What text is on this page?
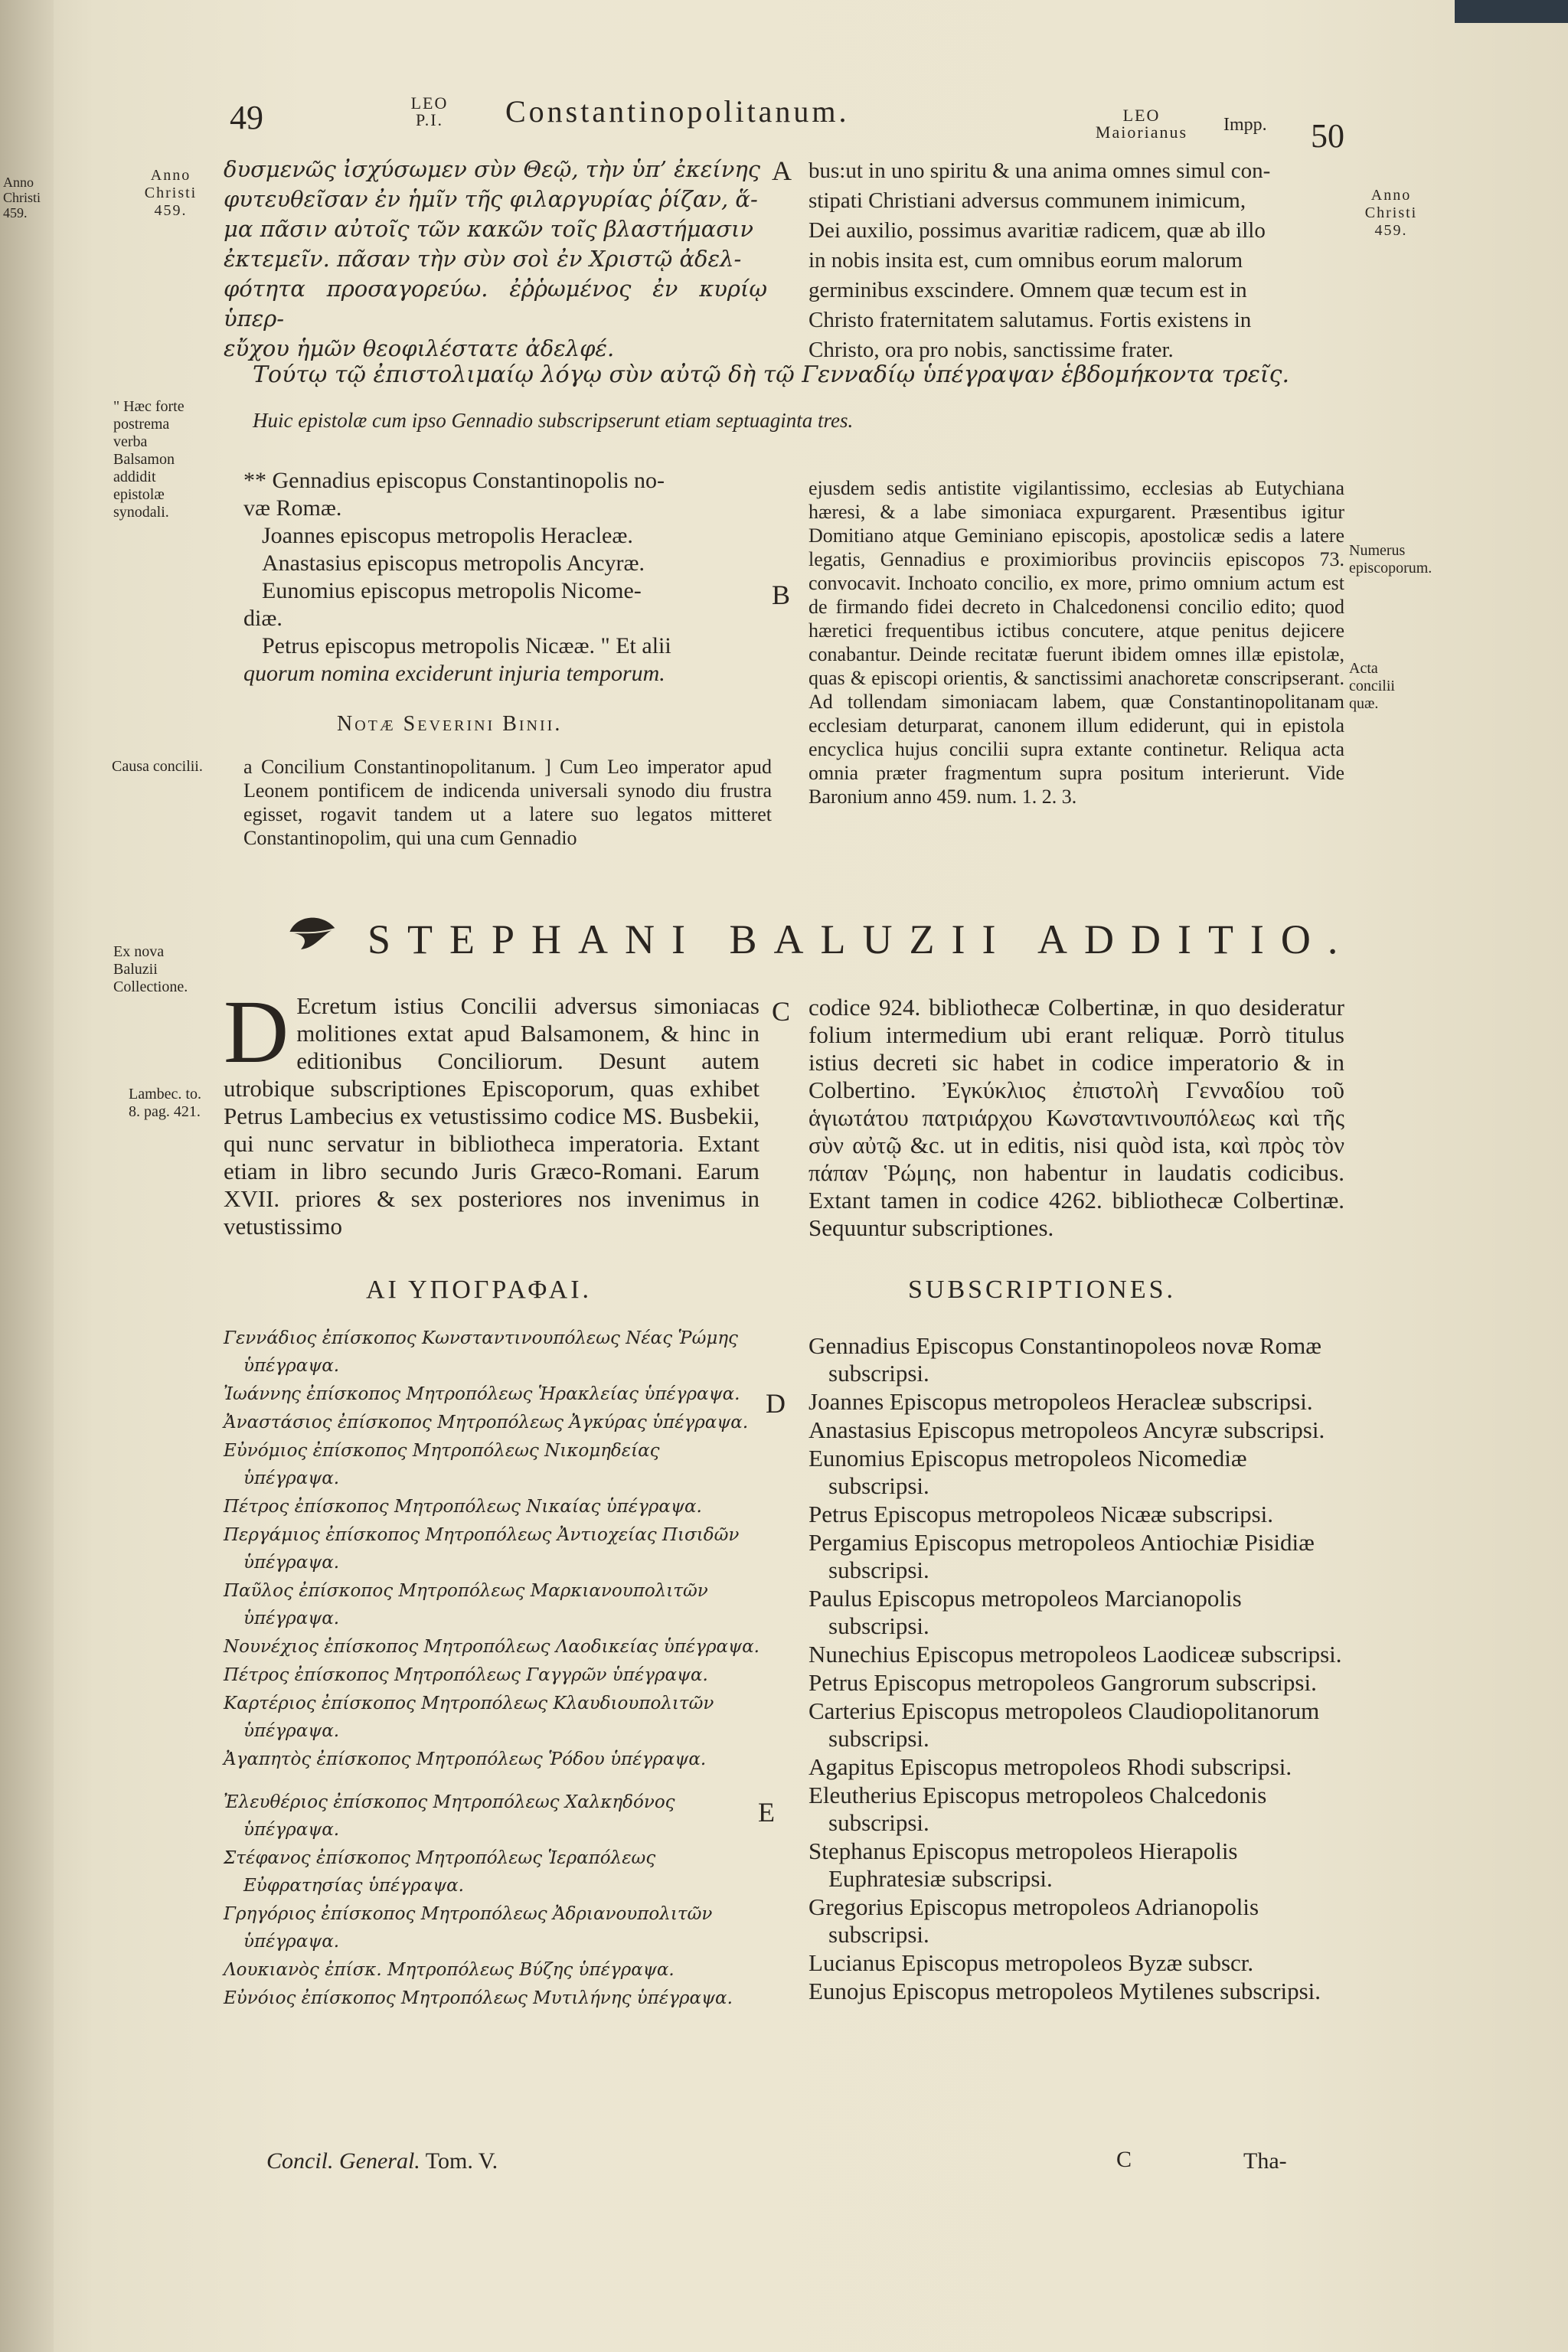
49	LEO
P.I. Constantinopolitanum.	LEO
Maiorianus	Impp. 50
Anno
Christi
459.
Anno
Christi
459.
" Hæc forte postrema verba Balsamon addidit epistolæ synodali.
Causa concilii.
Ex nova Baluzii Collectione.
Lambec. to. 8. pag. 421.
Anno
Christi
459.
Numerus episcoporum.
Acta concilii quæ.
δυσμενῶς ἰσχύσωμεν σὺν Θεῷ, τὴν ὑπ’ ἐκείνης
φυτευθεῖσαν ἐν ἡμῖν τῆς φιλαργυρίας ῥίζαν, ἅ-
μα πᾶσιν αὐτοῖς τῶν κακῶν τοῖς βλαστήμασιν
ἐκτεμεῖν. πᾶσαν τὴν σὺν σοὶ ἐν Χριστῷ ἀδελ-
φότητα προσαγορεύω. ἐῤῥωμένος ἐν κυρίῳ ὑπερ-
εὔχου ἡμῶν θεοφιλέστατε ἀδελφέ.
A bus:ut in uno spiritu & una anima omnes simul con-
stipati Christiani adversus communem inimicum,
Dei auxilio, possimus avaritiæ radicem, quæ ab illo
in nobis insita est, cum omnibus eorum malorum
germinibus exscindere. Omnem quæ tecum est in
Christo fraternitatem salutamus. Fortis existens in
Christo, ora pro nobis, sanctissime frater.
Τούτῳ τῷ ἐπιστολιμαίῳ λόγῳ σὺν αὐτῷ δὴ τῷ Γενναδίῳ ὑπέγραψαν ἑβδομήκοντα τρεῖς.
Huic epistolæ cum ipso Gennadio subscripserunt etiam septuaginta tres.
** Gennadius episcopus Constantinopolis no-
væ Romæ.
Joannes episcopus metropolis Heracleæ.
Anastasius episcopus metropolis Ancyræ.
Eunomius episcopus metropolis Nicome-
diæ.
Petrus episcopus metropolis Nicææ. " Et alii
quorum nomina exciderunt injuria temporum.
B
Notæ Severini Binii.
a Concilium Constantinopolitanum. ] Cum Leo imperator apud Leonem pontificem de indicenda universali synodo diu frustra egisset, rogavit tandem ut a latere suo legatos mitteret Constantinopolim, qui una cum Gennadio
ejusdem sedis antistite vigilantissimo, ecclesias ab Eutychiana hæresi, & a labe simoniaca expurgarent. Præsentibus igitur Domitiano atque Geminiano episcopis, apostolicæ sedis a latere legatis, Gennadius e proximioribus provinciis episcopos 73. convocavit. Inchoato concilio, ex more, primo omnium actum est de firmando fidei decreto in Chalcedonensi concilio edito; quod hæretici frequentibus ictibus concutere, atque penitus dejicere conabantur. Deinde recitatæ fuerunt ibidem omnes illæ epistolæ, quas & episcopi orientis, & sanctissimi anachoretæ conscripserant. Ad tollendam simoniacam labem, quæ Constantinopolitanam ecclesiam deturparat, canonem illum ediderunt, qui in epistola encyclica hujus concilii supra extante continetur. Reliqua acta omnia præter fragmentum supra positum interierunt. Vide Baronium anno 459. num. 1. 2. 3.
STEPHANI BALUZII ADDITIO.
D Ecretum istius Concilii adversus simoniacas molitiones extat apud Balsamonem, & hinc in editionibus Conciliorum. Desunt autem utrobique subscriptiones Episcoporum, quas exhibet Petrus Lambecius ex vetustissimo codice MS. Busbekii, qui nunc servatur in bibliotheca imperatoria. Extant etiam in libro secundo Juris Græco-Romani. Earum XVII. priores & sex posteriores nos invenimus in vetustissimo
C codice 924. bibliothecæ Colbertinæ, in quo desideratur folium intermedium ubi erant reliquæ. Porrò titulus istius decreti sic habet in codice imperatorio & in Colbertino. Ἐγκύκλιος ἐπιστολὴ Γενναδίου τοῦ ἁγιωτάτου πατριάρχου Κωνσταντινουπόλεως καὶ τῆς σὺν αὐτῷ &c. ut in editis, nisi quòd ista, καὶ πρὸς τὸν πάπαν Ῥώμης, non habentur in laudatis codicibus. Extant tamen in codice 4262. bibliothecæ Colbertinæ. Sequuntur subscriptiones.
ΑΙ ΥΠΟΓΡΑΦΑΙ.	SUBSCRIPTIONES.
Γεννάδιος ἐπίσκοπος Κωνσταντινουπόλεως Νέας Ῥώμης ὑπέγραψα.
Ἰωάννης ἐπίσκοπος Μητροπόλεως Ἡρακλείας ὑπέγραψα.
Ἀναστάσιος ἐπίσκοπος Μητροπόλεως Ἀγκύρας ὑπέγραψα.
Εὐνόμιος ἐπίσκοπος Μητροπόλεως Νικομηδείας ὑπέγραψα.
Πέτρος ἐπίσκοπος Μητροπόλεως Νικαίας ὑπέγραψα.
Περγάμιος ἐπίσκοπος Μητροπόλεως Ἀντιοχείας Πισιδῶν ὑπέγραψα.
Παῦλος ἐπίσκοπος Μητροπόλεως Μαρκιανουπολιτῶν ὑπέγραψα.
Νουνέχιος ἐπίσκοπος Μητροπόλεως Λαοδικείας ὑπέγραψα.
Πέτρος ἐπίσκοπος Μητροπόλεως Γαγγρῶν ὑπέγραψα.
Καρτέριος ἐπίσκοπος Μητροπόλεως Κλαυδιουπολιτῶν ὑπέγραψα.
Ἀγαπητὸς ἐπίσκοπος Μητροπόλεως Ῥόδου ὑπέγραψα.
Ἐλευθέριος ἐπίσκοπος Μητροπόλεως Χαλκηδόνος ὑπέγραψα.
Στέφανος ἐπίσκοπος Μητροπόλεως Ἱεραπόλεως Εὐφρατησίας ὑπέγραψα.
Γρηγόριος ἐπίσκοπος Μητροπόλεως Ἀδριανουπολιτῶν ὑπέγραψα.
Λουκιανὸς ἐπίσκ. Μητροπόλεως Βύζης ὑπέγραψα.
Εὐνόιος ἐπίσκοπος Μητροπόλεως Μυτιλήνης ὑπέγραψα.
D
E
Gennadius Episcopus Constantinopoleos novæ Romæ subscripsi.
Joannes Episcopus metropoleos Heracleæ subscripsi.
Anastasius Episcopus metropoleos Ancyræ subscripsi.
Eunomius Episcopus metropoleos Nicomediæ subscripsi.
Petrus Episcopus metropoleos Nicææ subscripsi.
Pergamius Episcopus metropoleos Antiochiæ Pisidiæ subscripsi.
Paulus Episcopus metropoleos Marcianopolis subscripsi.
Nunechius Episcopus metropoleos Laodiceæ subscripsi.
Petrus Episcopus metropoleos Gangrorum subscripsi.
Carterius Episcopus metropoleos Claudiopolitanorum subscripsi.
Agapitus Episcopus metropoleos Rhodi subscripsi.
Eleutherius Episcopus metropoleos Chalcedonis subscripsi.
Stephanus Episcopus metropoleos Hierapolis Euphratesiæ subscripsi.
Gregorius Episcopus metropoleos Adrianopolis subscripsi.
Lucianus Episcopus metropoleos Byzæ subscr.
Eunojus Episcopus metropoleos Mytilenes subscripsi.
Concil. General. Tom. V.	C	Tha-
